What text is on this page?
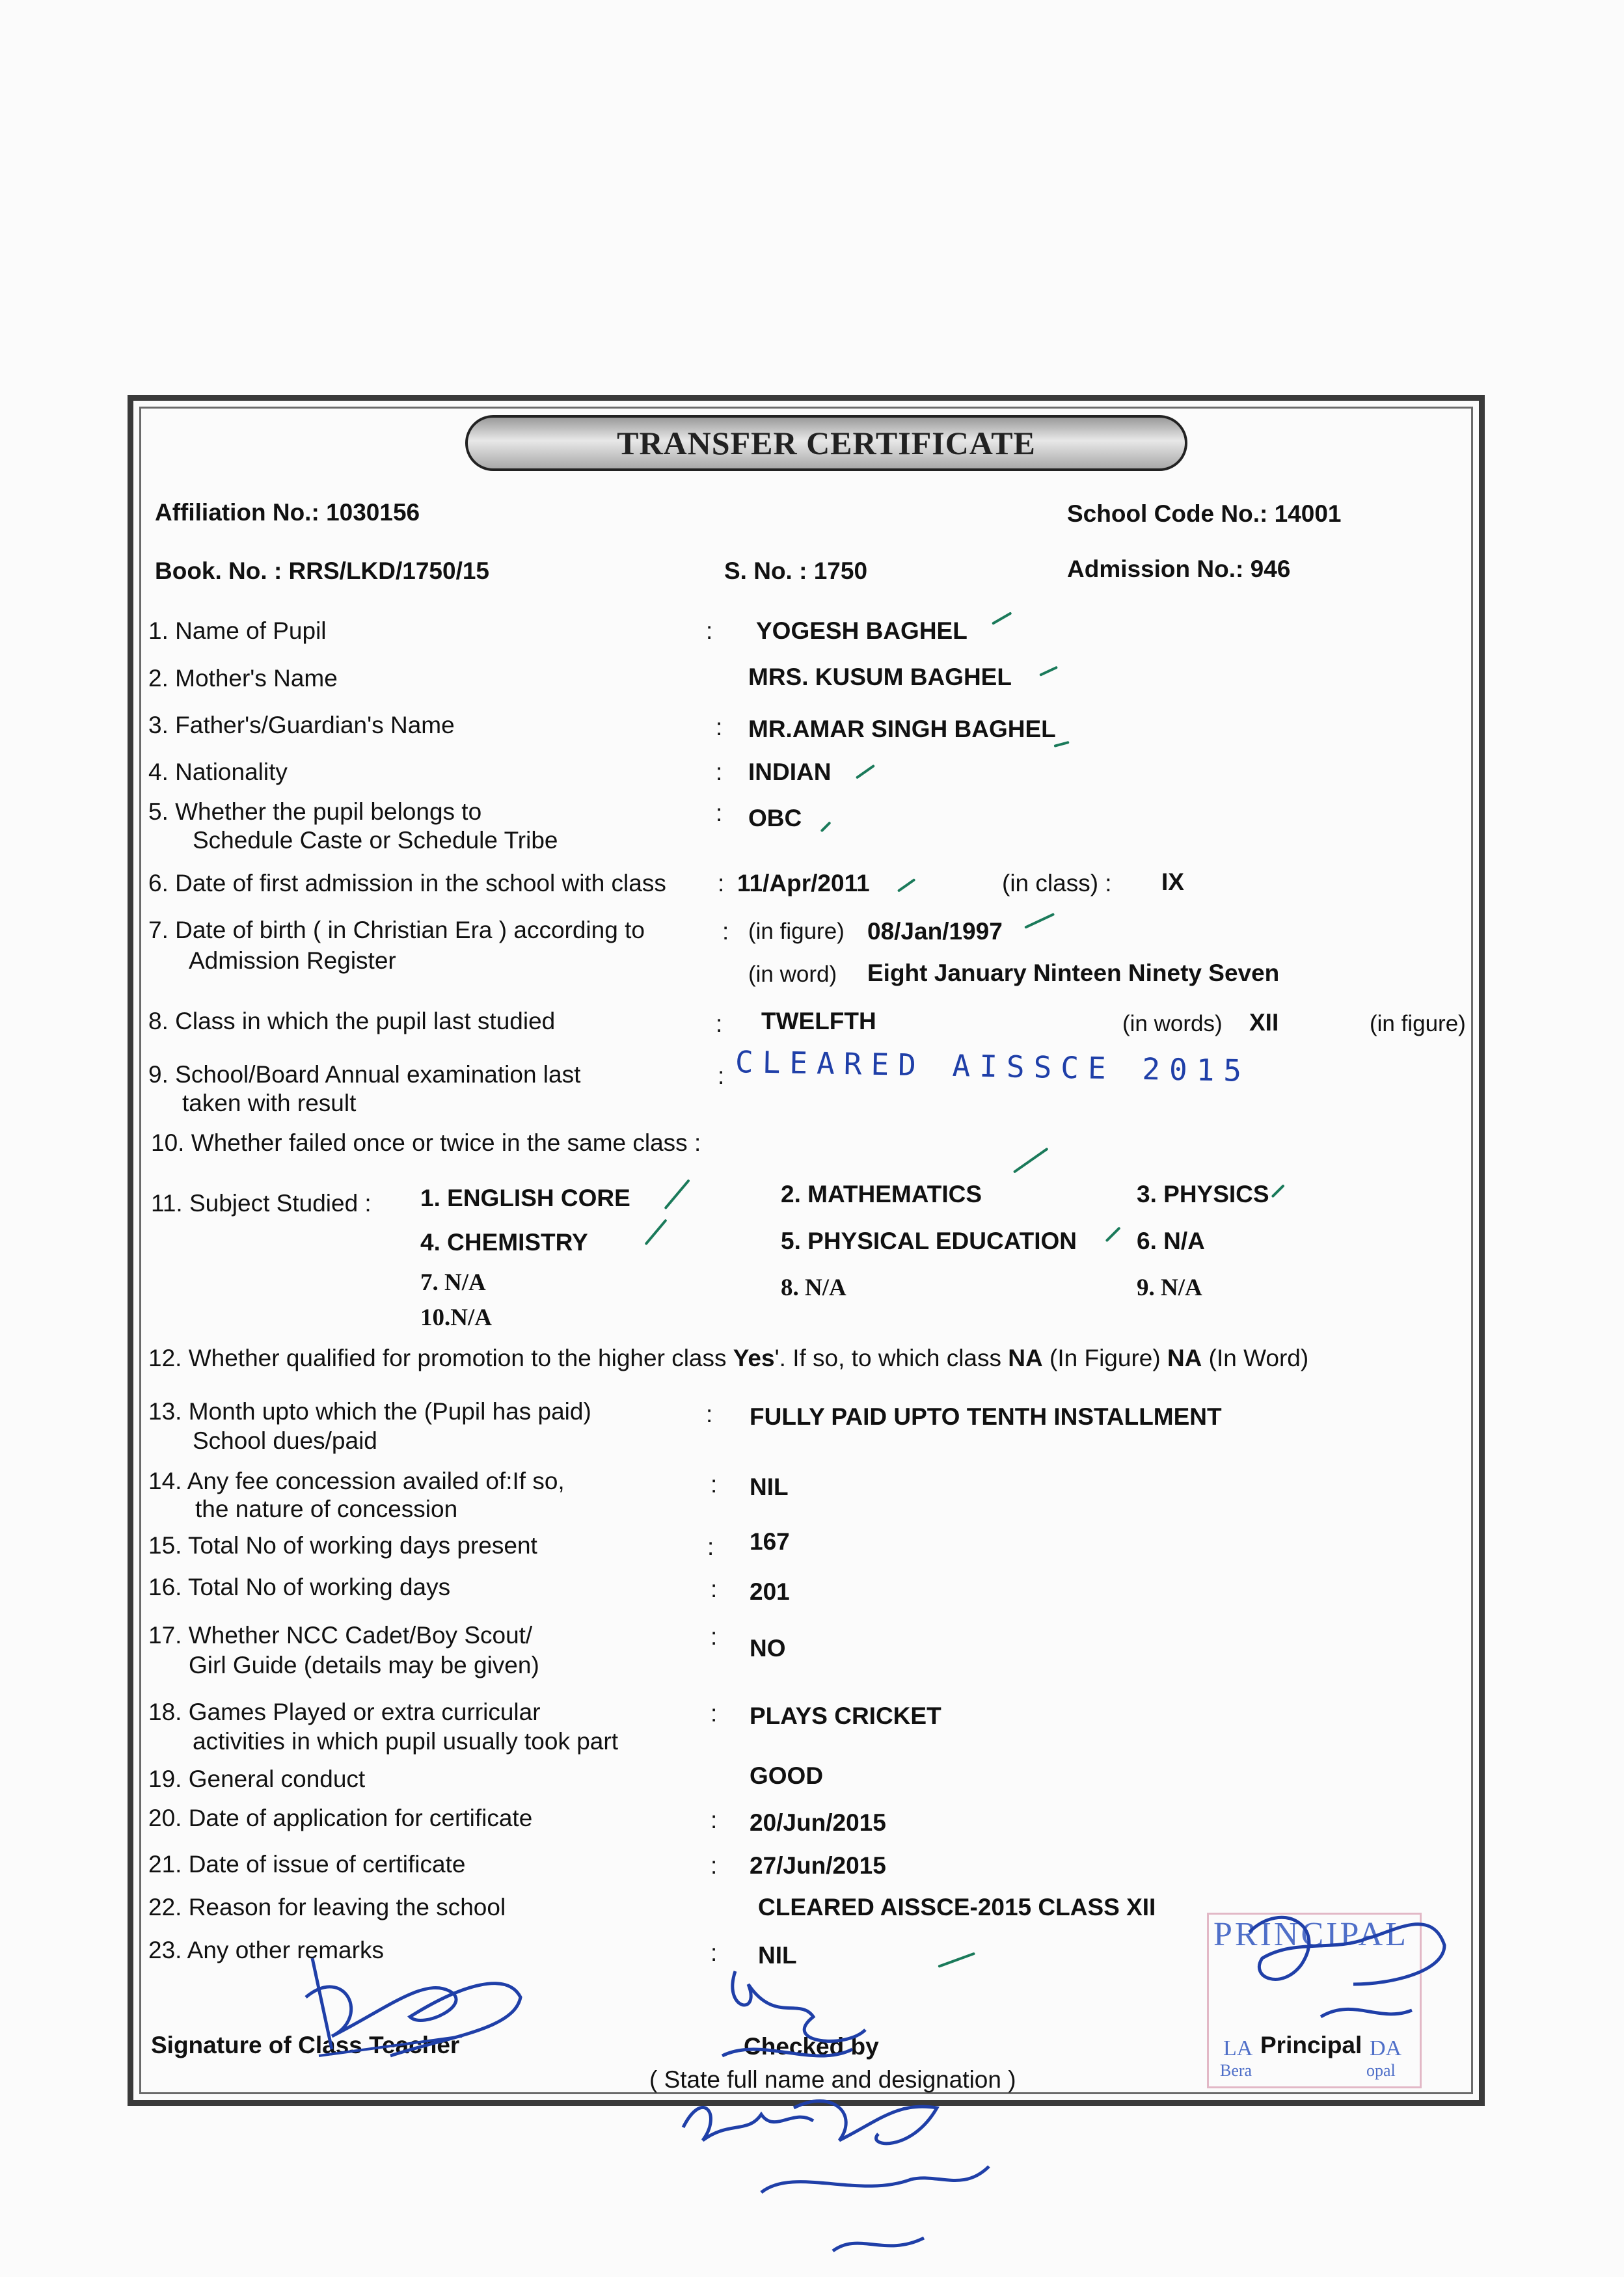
TRANSFER CERTIFICATE
Affiliation No.: 1030156	School Code No.: 14001
Book. No. : RRS/LKD/1750/15	S. No. : 1750	Admission No.: 946
1. Name of Pupil	: YOGESH BAGHEL
2. Mother's Name	MRS. KUSUM BAGHEL
3. Father's/Guardian's Name	: MR.AMAR SINGH BAGHEL
4. Nationality	: INDIAN
5. Whether the pupil belongs to
Schedule Caste or Schedule Tribe
: OBC
6. Date of first admission in the school with class : 11/Apr/2011	(in class) : IX
7. Date of birth ( in Christian Era ) according to
Admission Register
: (in figure) 08/Jan/1997
(in word) Eight January Ninteen Ninety Seven
8. Class in which the pupil last studied	: TWELFTH	(in words) XII	(in figure)
9. School/Board Annual examination last
taken with result
: CLEARED AISSCE 2015
10. Whether failed once or twice in the same class :
11. Subject Studied : 1. ENGLISH CORE	2. MATHEMATICS	3. PHYSICS
4. CHEMISTRY	5. PHYSICAL EDUCATION 6. N/A
7. N/A	8. N/A	9. N/A
10.N/A
12. Whether qualified for promotion to the higher class Yes'. If so, to which class NA (In Figure) NA (In Word)
13. Month upto which the (Pupil has paid)
School dues/paid
: FULLY PAID UPTO TENTH INSTALLMENT
14. Any fee concession availed of:If so,
the nature of concession
: NIL
15. Total No of working days present	: 167
16. Total No of working days	: 201
17. Whether NCC Cadet/Boy Scout/
Girl Guide (details may be given)
: NO
18. Games Played or extra curricular
activities in which pupil usually took part
: PLAYS CRICKET
19. General conduct	GOOD
20. Date of application for certificate	: 20/Jun/2015
21. Date of issue of certificate	: 27/Jun/2015
22. Reason for leaving the school	CLEARED AISSCE-2015 CLASS XII
23. Any other remarks	: NIL
Signature of Class Teacher	Checked by
( State full name and designation )
Principal
PRINCIPAL
LA	DA
Bera	opal
